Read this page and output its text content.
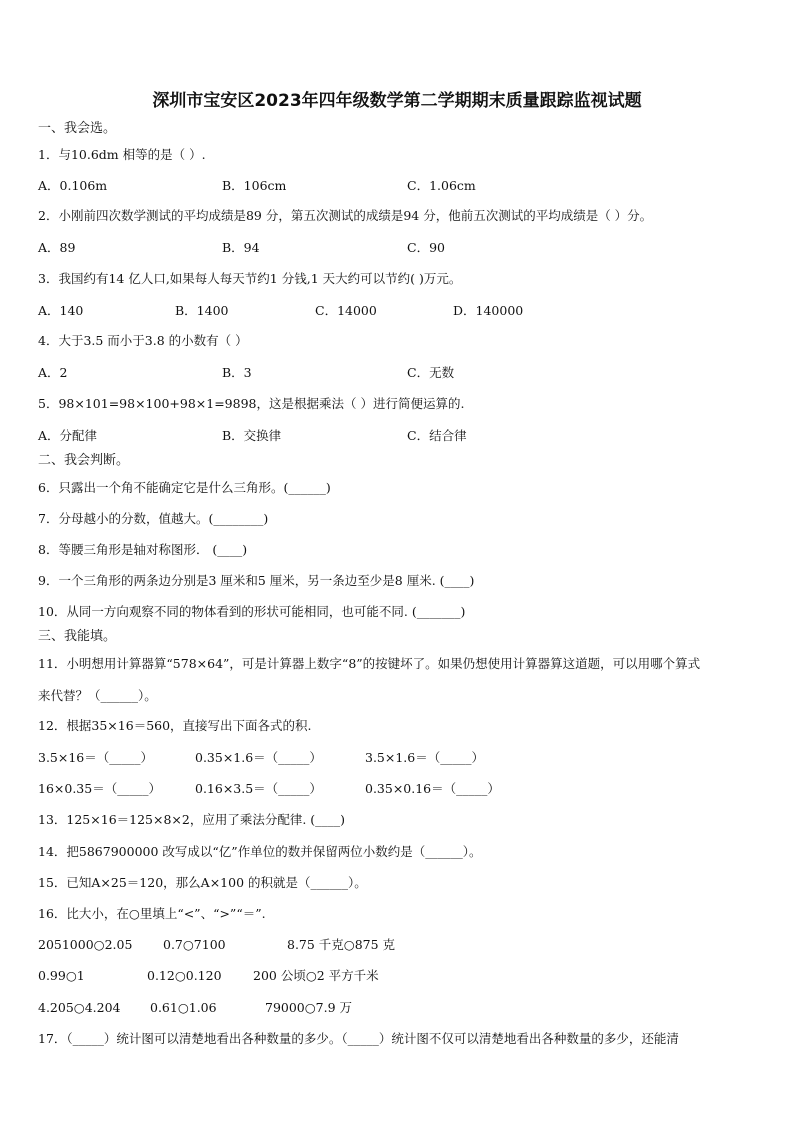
深圳市宝安区2023年四年级数学第二学期期末质量跟踪监视试题
一、我会选。
1．与10.6dm 相等的是（ ）.
A．0.106m	B．106cm	C．1.06cm
2．小刚前四次数学测试的平均成绩是89 分，第五次测试的成绩是94 分，他前五次测试的平均成绩是（ ）分。
A．89	B．94	C．90
3．我国约有14 亿人口,如果每人每天节约1 分钱,1 天大约可以节约( )万元。
A．140	B．1400	C．14000	D．140000
4．大于3.5 而小于3.8 的小数有（ ）
A．2	B．3	C．无数
5．98×101=98×100+98×1=9898，这是根据乘法（ ）进行简便运算的.
A．分配律	B．交换律	C．结合律
二、我会判断。
6．只露出一个角不能确定它是什么三角形。(______)
7．分母越小的分数，值越大。(________)
8．等腰三角形是轴对称图形． (____)
9．一个三角形的两条边分别是3 厘米和5 厘米，另一条边至少是8 厘米. (____)
10．从同一方向观察不同的物体看到的形状可能相同，也可能不同. (_______)
三、我能填。
11．小明想用计算器算“578×64”，可是计算器上数字“8”的按键坏了。如果仍想使用计算器算这道题，可以用哪个算式
来代替？（______）。
12．根据35×16＝560，直接写出下面各式的积.
3.5×16＝（_____）	0.35×1.6＝（_____）	3.5×1.6＝（_____）
16×0.35＝（_____）	0.16×3.5＝（_____）	0.35×0.16＝（_____）
13．125×16＝125×8×2，应用了乘法分配律. (____)
14．把5867900000 改写成以“亿”作单位的数并保留两位小数约是（______）。
15．已知A×25＝120，那么A×100 的积就是（______）。
16．比大小，在○里填上“<”、“>”“＝”.
2051000○2.05 0.7○7100	8.75 千克○875 克
0.99○1	0.12○0.120	200 公顷○2 平方千米
4.205○4.204 0.61○1.06	79000○7.9 万
17．（_____）统计图可以清楚地看出各种数量的多少。（_____）统计图不仅可以清楚地看出各种数量的多少，还能清
